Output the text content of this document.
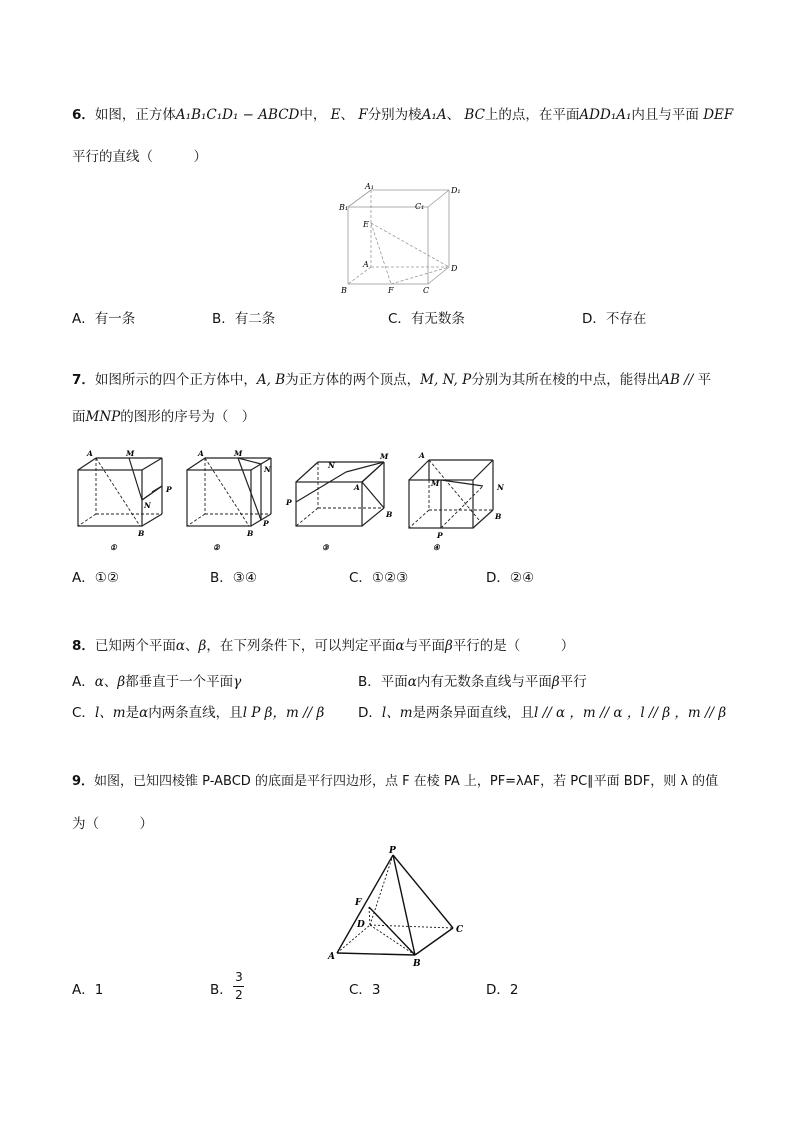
6．如图，正方体A₁B₁C₁D₁ − ABCD中， E、 F分别为棱A₁A、 BC上的点，在平面ADD₁A₁内且与平面 DEF
平行的直线（　　　）
A₁	D₁
B₁	C₁
E
A	D
B	F	C
A．有一条	B．有二条	C．有无数条	D．不存在
7．如图所示的四个正方体中，A, B为正方体的两个顶点，M, N, P分别为其所在棱的中点，能得出AB // 平
面MNP的图形的序号为（　）
A	M
P
N
B
①
A	M
N
P
B
②
N
M
A
P
B
③
A
M	N
B
P
④
A．①②	B．③④	C．①②③	D．②④
8．已知两个平面α、β，在下列条件下，可以判定平面α与平面β平行的是（　　　）
A．α、β都垂直于一个平面γ	B．平面α内有无数条直线与平面β平行
C．l、m是α内两条直线，且l P β，m // β D．l、m是两条异面直线，且l // α ，m // α ，l // β ，m // β
9．如图，已知四棱锥 P-ABCD 的底面是平行四边形，点 F 在棱 PA 上，PF=λAF，若 PC∥平面 BDF，则 λ 的值
为（　　　）
P
F
D	C
A
B
A．1	B．
3
2	C．3	D．2
